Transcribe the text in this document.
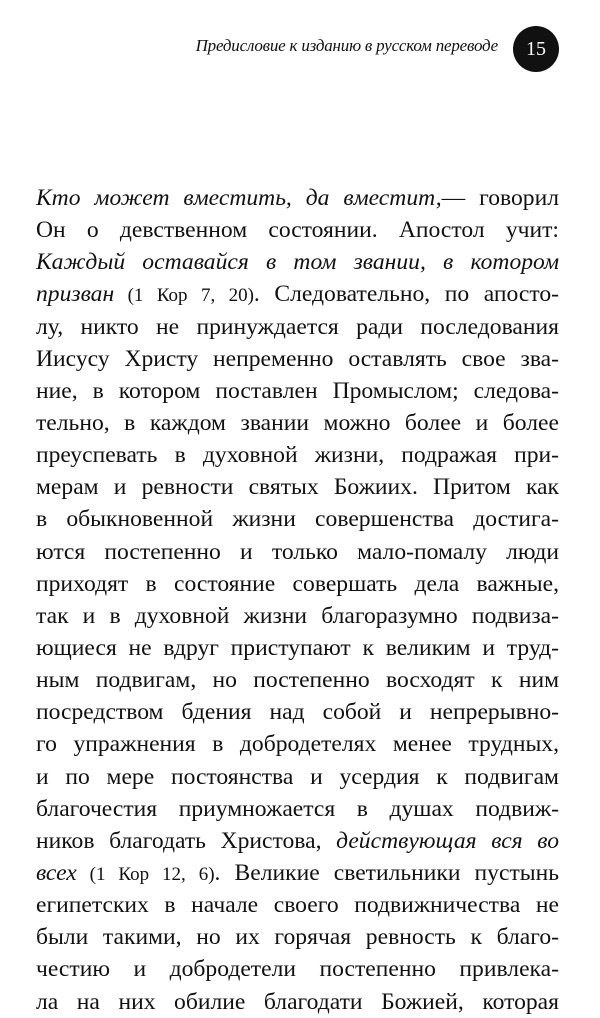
Предисловие к изданию в русском переводе	15
Кто может вместить, да вместит,— говорил
Он о девственном состоянии. Апостол учит:
Каждый оставайся в том звании, в котором
призван (1 Кор 7, 20). Следовательно, по апосто-
лу, никто не принуждается ради последования
Иисусу Христу непременно оставлять свое зва-
ние, в котором поставлен Промыслом; следова-
тельно, в каждом звании можно более и более
преуспевать в духовной жизни, подражая при-
мерам и ревности святых Божиих. Притом как
в обыкновенной жизни совершенства достига-
ются постепенно и только мало-помалу люди
приходят в состояние совершать дела важные,
так и в духовной жизни благоразумно подвиза-
ющиеся не вдруг приступают к великим и труд-
ным подвигам, но постепенно восходят к ним
посредством бдения над собой и непрерывно-
го упражнения в добродетелях менее трудных,
и по мере постоянства и усердия к подвигам
благочестия приумножается в душах подвиж-
ников благодать Христова, действующая вся во
всех (1 Кор 12, 6). Великие светильники пустынь
египетских в начале своего подвижничества не
были такими, но их горячая ревность к благо-
честию и добродетели постепенно привлека-
ла на них обилие благодати Божией, которая
